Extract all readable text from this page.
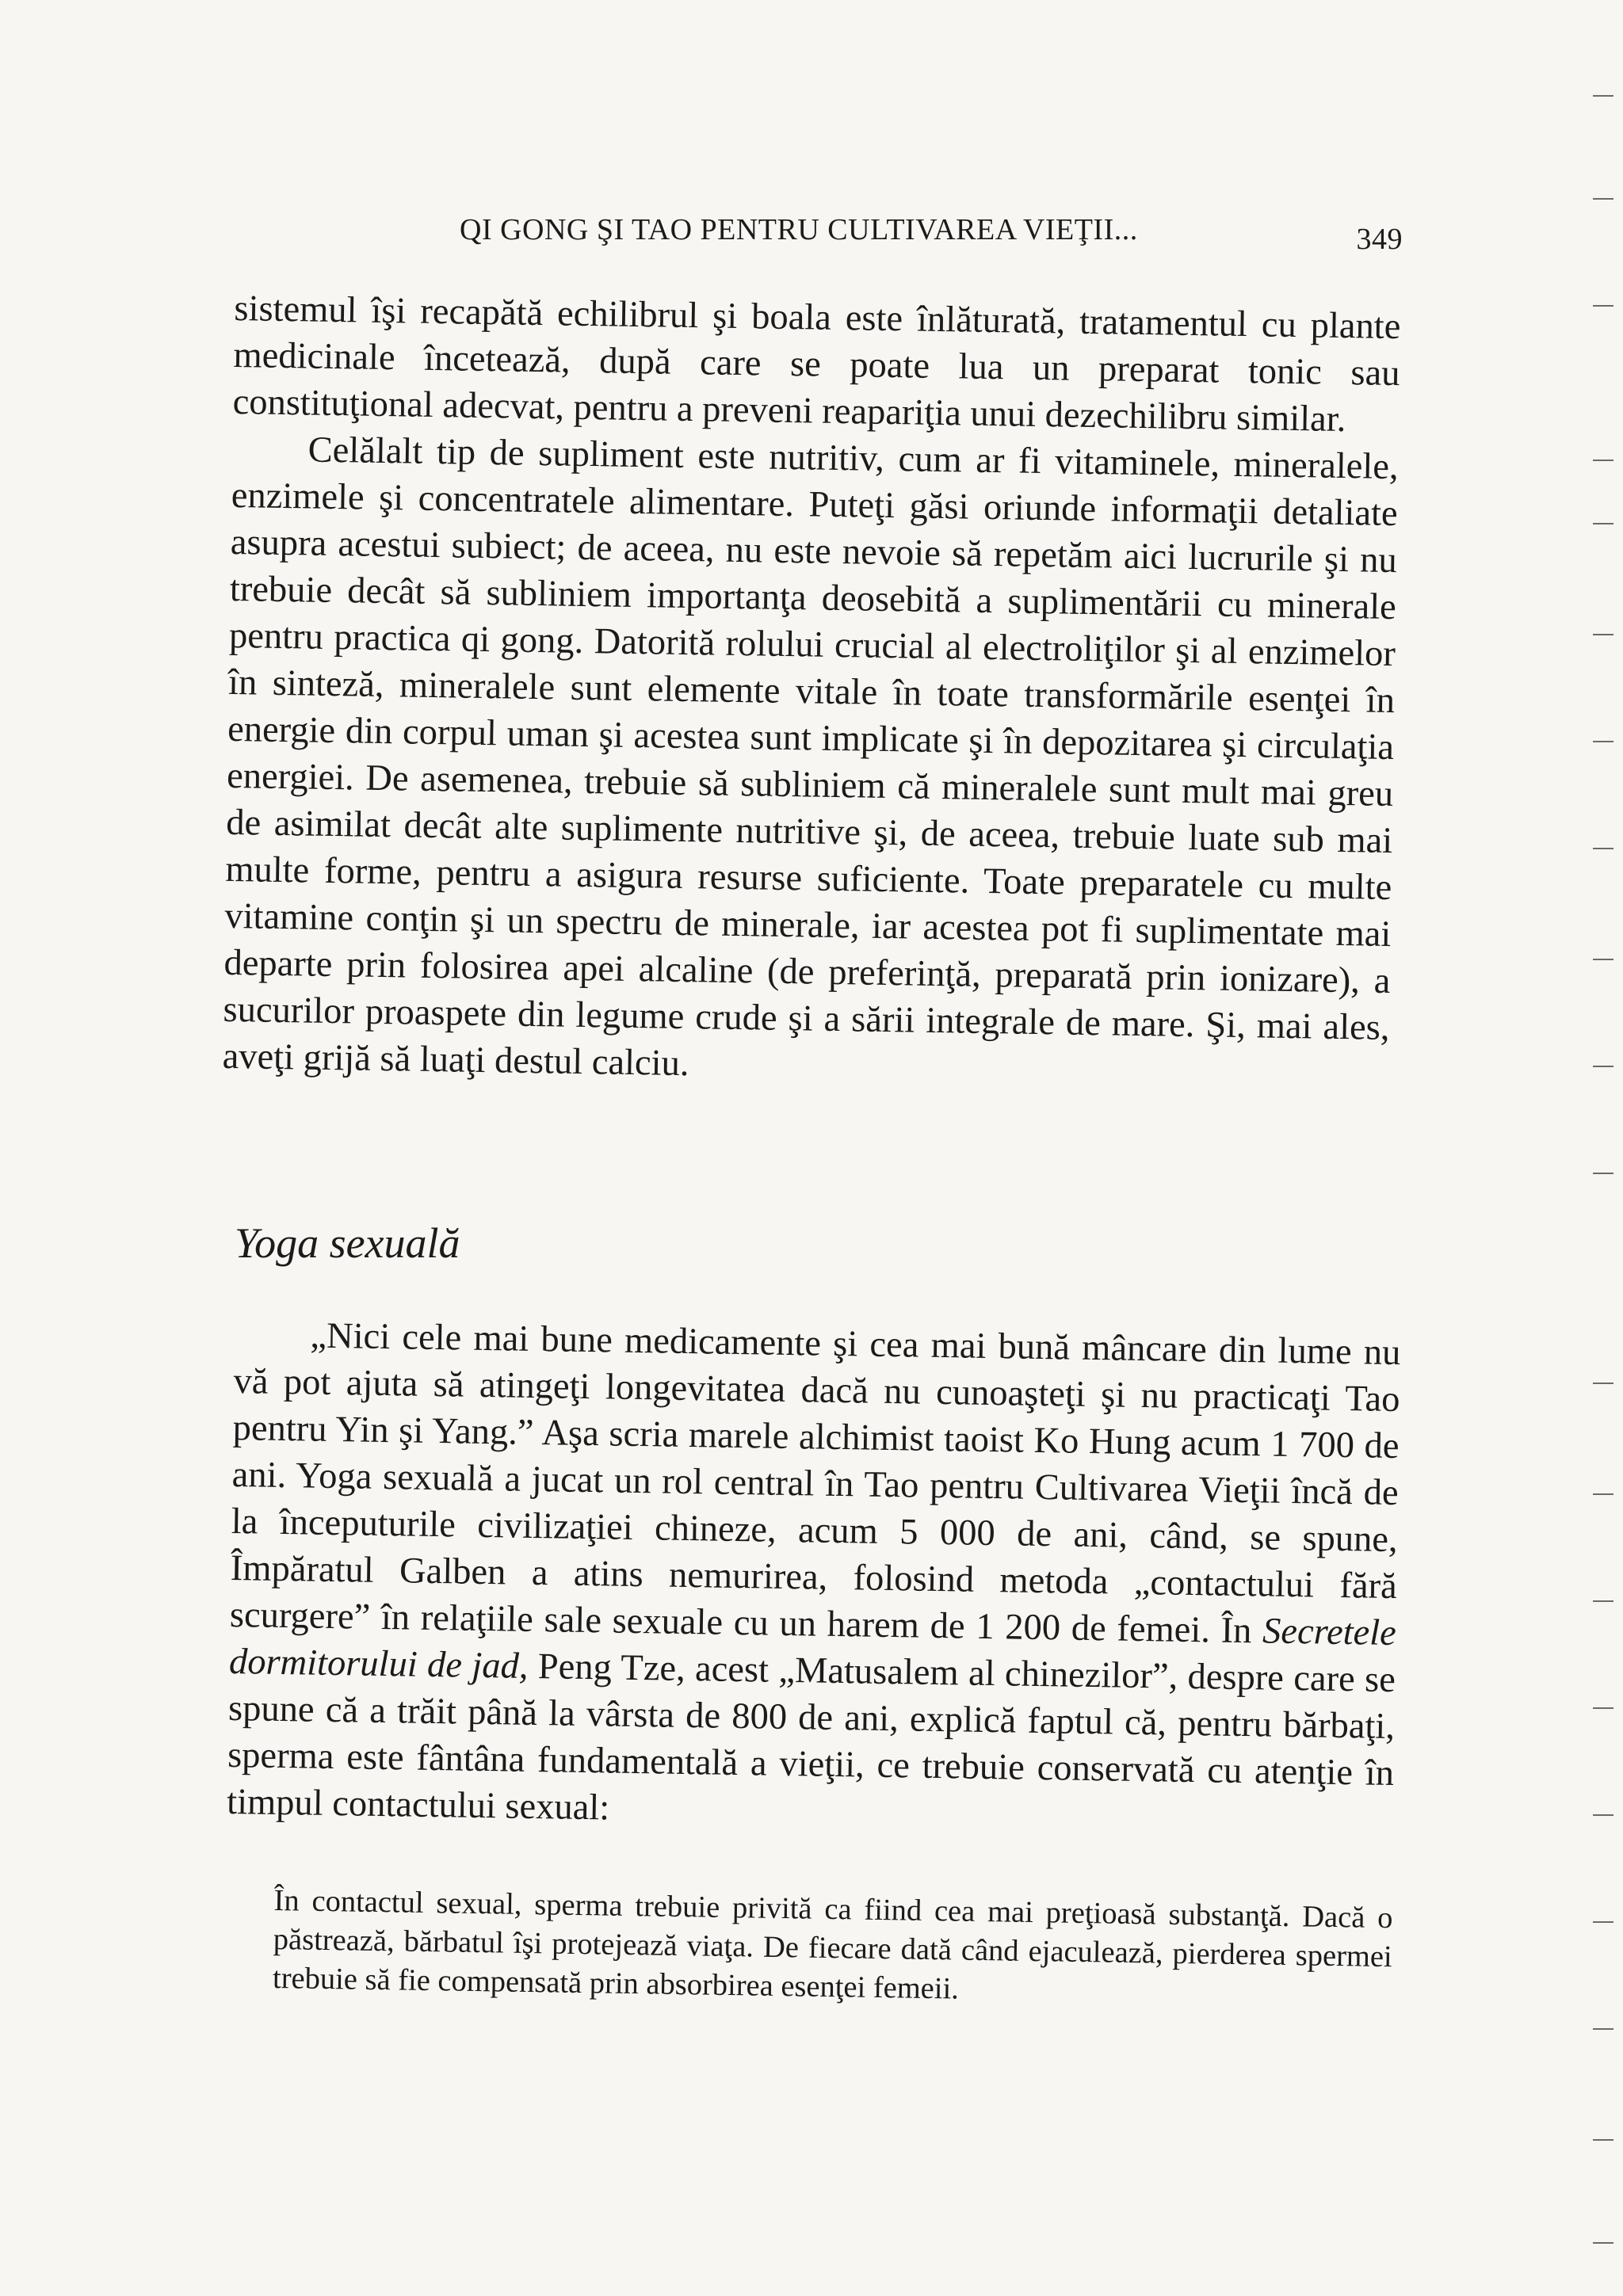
QI GONG ŞI TAO PENTRU CULTIVAREA VIEŢII...	349

sistemul îşi recapătă echilibrul şi boala este înlăturată, tratamentul cu plante medicinale încetează, după care se poate lua un preparat tonic sau constituţional adecvat, pentru a preveni reapariţia unui dezechilibru similar.

Celălalt tip de supliment este nutritiv, cum ar fi vitaminele, mineralele, enzimele şi concentratele alimentare. Puteţi găsi oriunde informaţii detaliate asupra acestui subiect; de aceea, nu este nevoie să repetăm aici lucrurile şi nu trebuie decât să subliniem importanţa deosebită a suplimentării cu minerale pentru practica qi gong. Datorită rolului crucial al electroliţilor şi al enzimelor în sinteză, mineralele sunt elemente vitale în toate transformările esenţei în energie din corpul uman şi acestea sunt implicate şi în depozitarea şi circulaţia energiei. De asemenea, trebuie să subliniem că mineralele sunt mult mai greu de asimilat decât alte suplimente nutritive şi, de aceea, trebuie luate sub mai multe forme, pentru a asigura resurse suficiente. Toate preparatele cu multe vitamine conţin şi un spectru de minerale, iar acestea pot fi suplimentate mai departe prin folosirea apei alcaline (de preferinţă, preparată prin ionizare), a sucurilor proaspete din legume crude şi a sării integrale de mare. Şi, mai ales, aveţi grijă să luaţi destul calciu.

Yoga sexuală

„Nici cele mai bune medicamente şi cea mai bună mâncare din lume nu vă pot ajuta să atingeţi longevitatea dacă nu cunoaşteţi şi nu practicaţi Tao pentru Yin şi Yang.” Aşa scria marele alchimist taoist Ko Hung acum 1 700 de ani. Yoga sexuală a jucat un rol central în Tao pentru Cultivarea Vieţii încă de la începuturile civilizaţiei chineze, acum 5 000 de ani, când, se spune, Împăratul Galben a atins nemurirea, folosind metoda „contactului fără scurgere” în relaţiile sale sexuale cu un harem de 1 200 de femei. În Secretele dormitorului de jad, Peng Tze, acest „Matusalem al chinezilor”, despre care se spune că a trăit până la vârsta de 800 de ani, explică faptul că, pentru bărbaţi, sperma este fântâna fundamentală a vieţii, ce trebuie conservată cu atenţie în timpul contactului sexual:

În contactul sexual, sperma trebuie privită ca fiind cea mai preţioasă substanţă. Dacă o păstrează, bărbatul îşi protejează viaţa. De fiecare dată când ejaculează, pierderea spermei trebuie să fie compensată prin absorbirea esenţei femeii.
